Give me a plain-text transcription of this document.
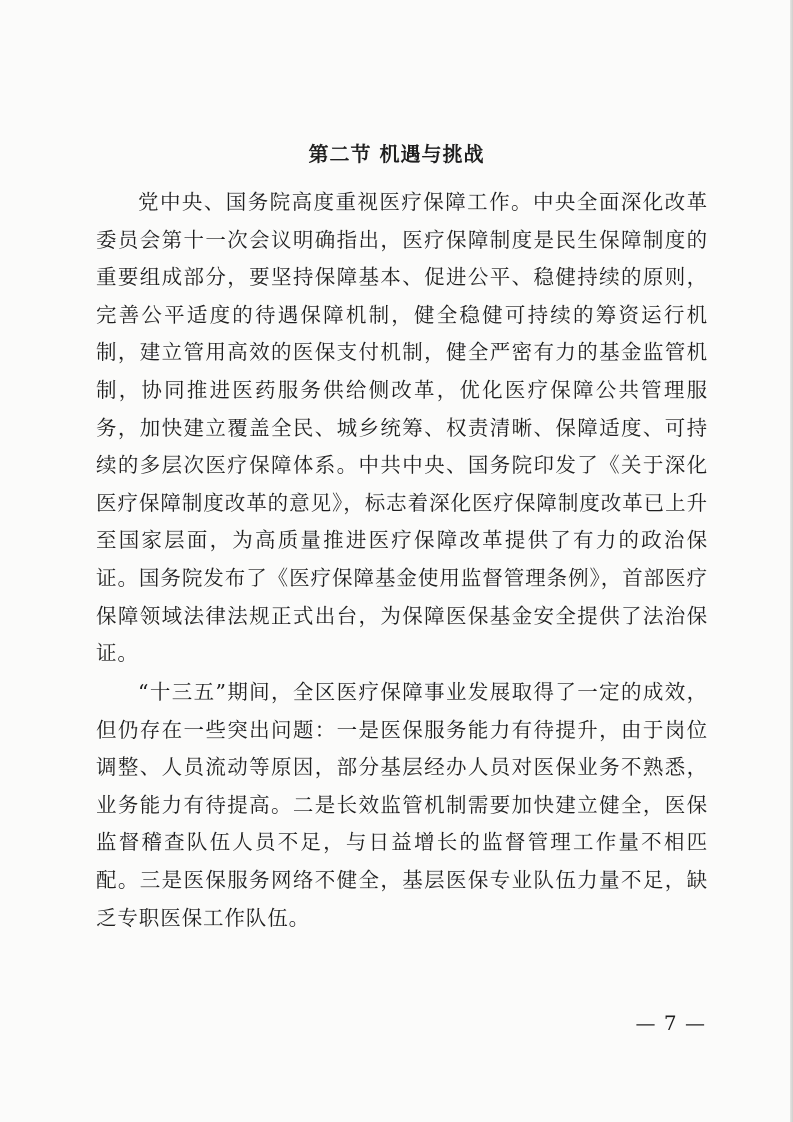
第二节 机遇与挑战

党中央、国务院高度重视医疗保障工作。中央全面深化改革委员会第十一次会议明确指出，医疗保障制度是民生保障制度的重要组成部分，要坚持保障基本、促进公平、稳健持续的原则，完善公平适度的待遇保障机制，健全稳健可持续的筹资运行机制，建立管用高效的医保支付机制，健全严密有力的基金监管机制，协同推进医药服务供给侧改革，优化医疗保障公共管理服务，加快建立覆盖全民、城乡统筹、权责清晰、保障适度、可持续的多层次医疗保障体系。中共中央、国务院印发了《关于深化医疗保障制度改革的意见》，标志着深化医疗保障制度改革已上升至国家层面，为高质量推进医疗保障改革提供了有力的政治保证。国务院发布了《医疗保障基金使用监督管理条例》，首部医疗保障领域法律法规正式出台，为保障医保基金安全提供了法治保证。

“十三五”期间，全区医疗保障事业发展取得了一定的成效，但仍存在一些突出问题：一是医保服务能力有待提升，由于岗位调整、人员流动等原因，部分基层经办人员对医保业务不熟悉，业务能力有待提高。二是长效监管机制需要加快建立健全，医保监督稽查队伍人员不足，与日益增长的监督管理工作量不相匹配。三是医保服务网络不健全，基层医保专业队伍力量不足，缺乏专职医保工作队伍。

— 7 —
